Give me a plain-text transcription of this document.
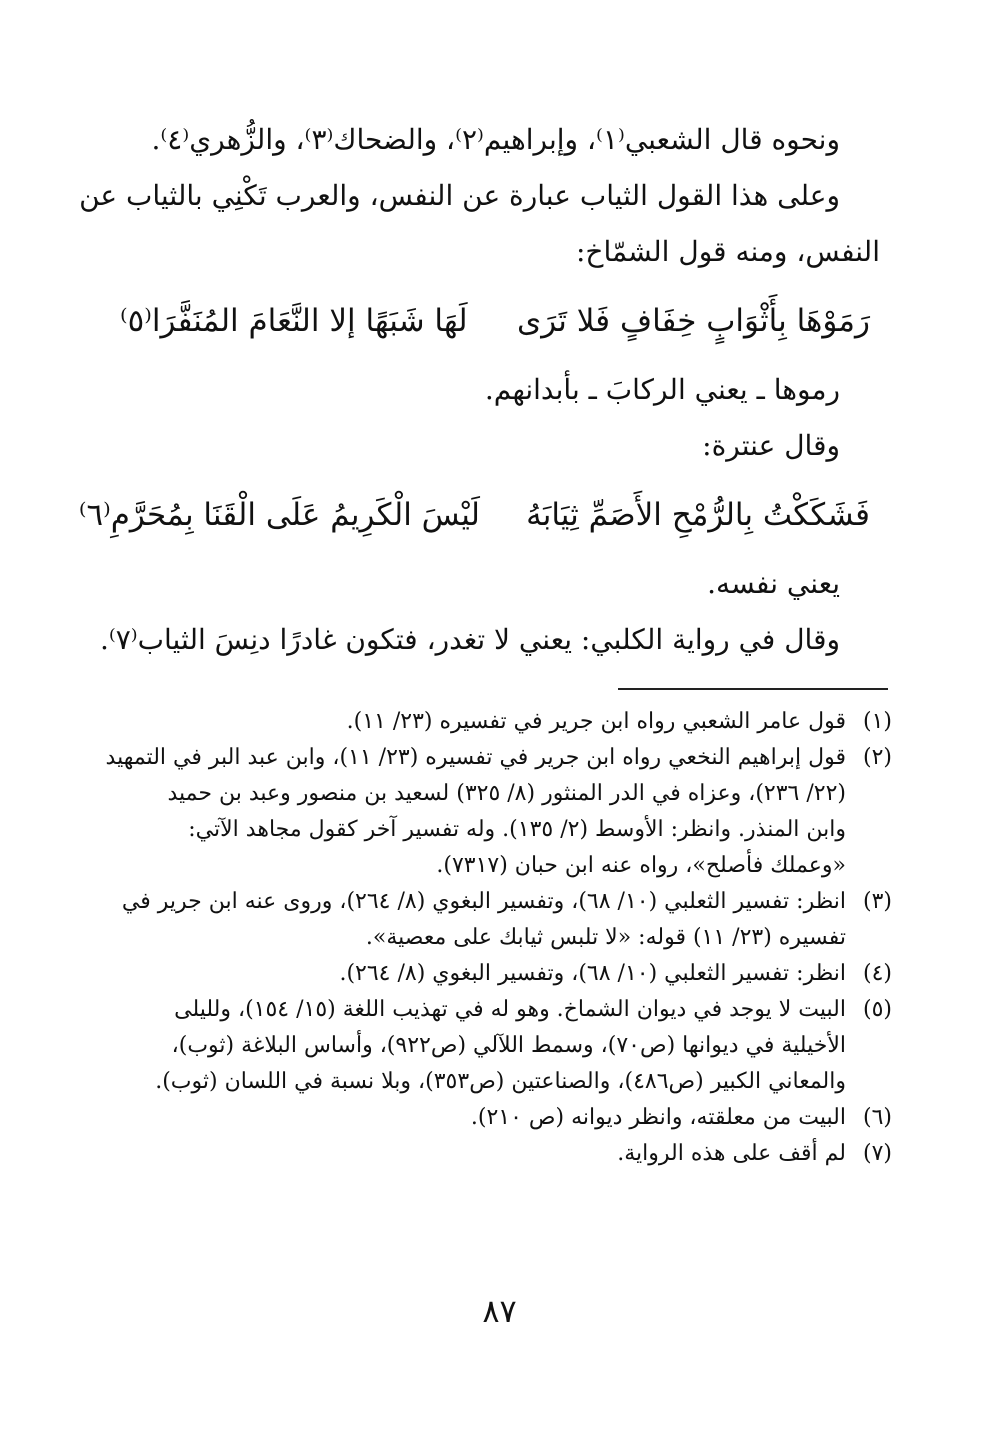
ونحوه قال الشعبي⁽١⁾، وإبراهيم⁽٢⁾، والضحاك⁽٣⁾، والزُّهري⁽٤⁾.
وعلى هذا القول الثياب عبارة عن النفس، والعرب تَكْنِي بالثياب عن
النفس، ومنه قول الشمّاخ:
رَمَوْهَا بِأَثْوَابٍ خِفَافٍ فَلا تَرَى
لَهَا شَبَهًا إلا النَّعَامَ المُنَفَّرَا⁽٥⁾
رموها ـ يعني الركابَ ـ بأبدانهم.
وقال عنترة:
فَشَكَكْتُ بِالرُّمْحِ الأَصَمِّ ثِيَابَهُ
لَيْسَ الْكَرِيمُ عَلَى الْقَنَا بِمُحَرَّمِ⁽٦⁾
يعني نفسه.
وقال في رواية الكلبي: يعني لا تغدر، فتكون غادرًا دنِسَ الثياب⁽٧⁾.
(١)
قول عامر الشعبي رواه ابن جرير في تفسيره (٢٣/ ١١).
(٢)
قول إبراهيم النخعي رواه ابن جرير في تفسيره (٢٣/ ١١)، وابن عبد البر في التمهيد
(٢٢/ ٢٣٦)، وعزاه في الدر المنثور (٨/ ٣٢٥) لسعيد بن منصور وعبد بن حميد
وابن المنذر. وانظر: الأوسط (٢/ ١٣٥). وله تفسير آخر كقول مجاهد الآتي:
«وعملك فأصلح»، رواه عنه ابن حبان (٧٣١٧).
(٣)
انظر: تفسير الثعلبي (١٠/ ٦٨)، وتفسير البغوي (٨/ ٢٦٤)، وروى عنه ابن جرير في
تفسيره (٢٣/ ١١) قوله: «لا تلبس ثيابك على معصية».
(٤)
انظر: تفسير الثعلبي (١٠/ ٦٨)، وتفسير البغوي (٨/ ٢٦٤).
(٥)
البيت لا يوجد في ديوان الشماخ. وهو له في تهذيب اللغة (١٥/ ١٥٤)، ولليلى
الأخيلية في ديوانها (ص٧٠)، وسمط اللآلي (ص٩٢٢)، وأساس البلاغة (ثوب)،
والمعاني الكبير (ص٤٨٦)، والصناعتين (ص٣٥٣)، وبلا نسبة في اللسان (ثوب).
(٦)
البيت من معلقته، وانظر ديوانه (ص ٢١٠).
(٧)
لم أقف على هذه الرواية.
٨٧
